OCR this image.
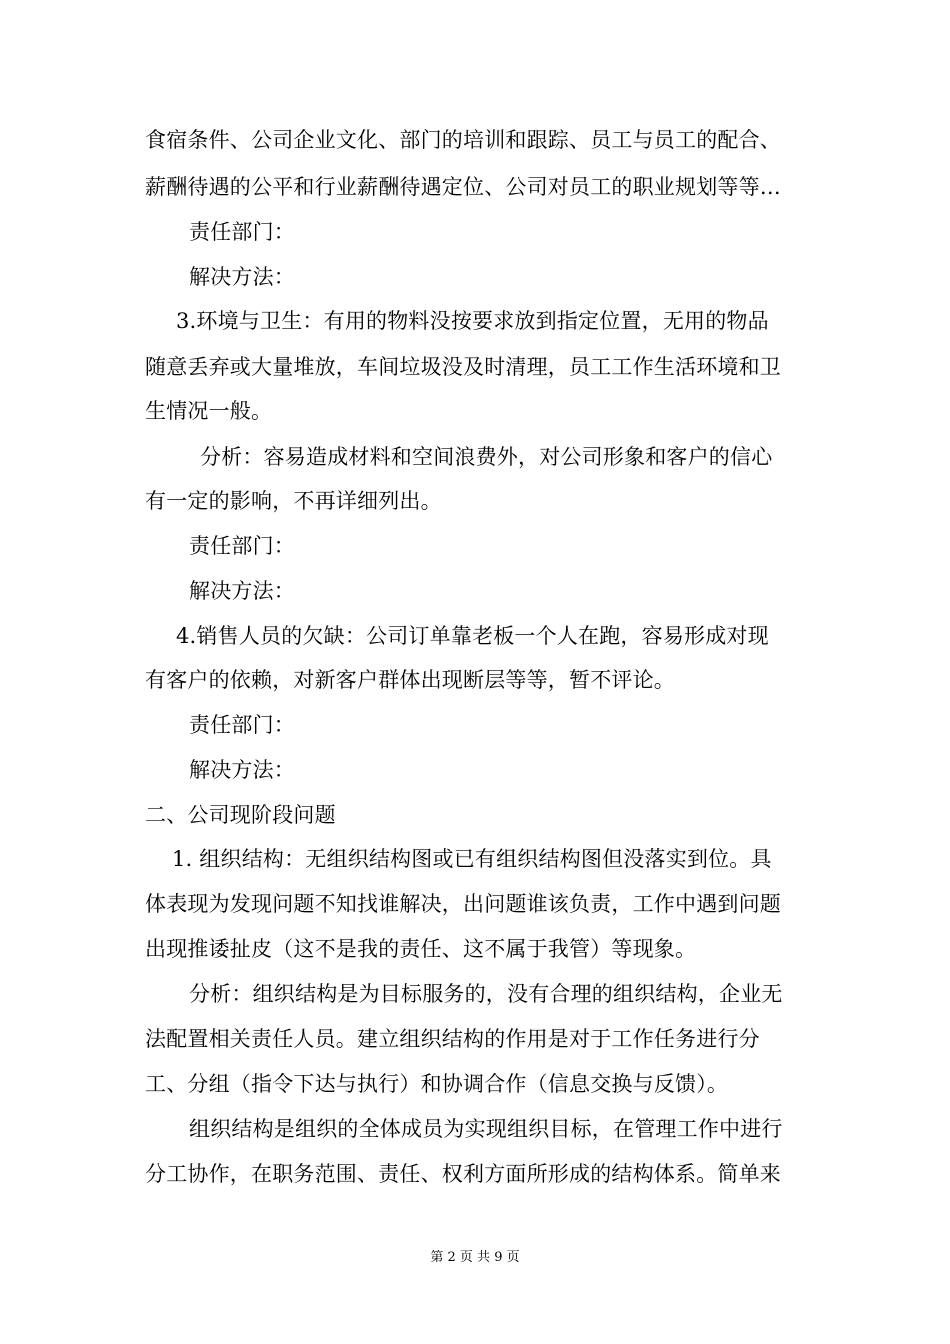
食宿条件、公司企业文化、部门的培训和跟踪、员工与员工的配合、
薪酬待遇的公平和行业薪酬待遇定位、公司对员工的职业规划等等…
责任部门：
解决方法：
3.环境与卫生：有用的物料没按要求放到指定位置，无用的物品
随意丢弃或大量堆放，车间垃圾没及时清理，员工工作生活环境和卫
生情况一般。
分析：容易造成材料和空间浪费外，对公司形象和客户的信心
有一定的影响，不再详细列出。
责任部门：
解决方法：
4.销售人员的欠缺：公司订单靠老板一个人在跑，容易形成对现
有客户的依赖，对新客户群体出现断层等等，暂不评论。
责任部门：
解决方法：
二、公司现阶段问题
1. 组织结构：无组织结构图或已有组织结构图但没落实到位。具
体表现为发现问题不知找谁解决，出问题谁该负责，工作中遇到问题
出现推诿扯皮（这不是我的责任、这不属于我管）等现象。
分析：组织结构是为目标服务的，没有合理的组织结构，企业无
法配置相关责任人员。建立组织结构的作用是对于工作任务进行分
工、分组（指令下达与执行）和协调合作（信息交换与反馈）。
组织结构是组织的全体成员为实现组织目标，在管理工作中进行
分工协作，在职务范围、责任、权利方面所形成的结构体系。简单来
第 2 页 共 9 页
